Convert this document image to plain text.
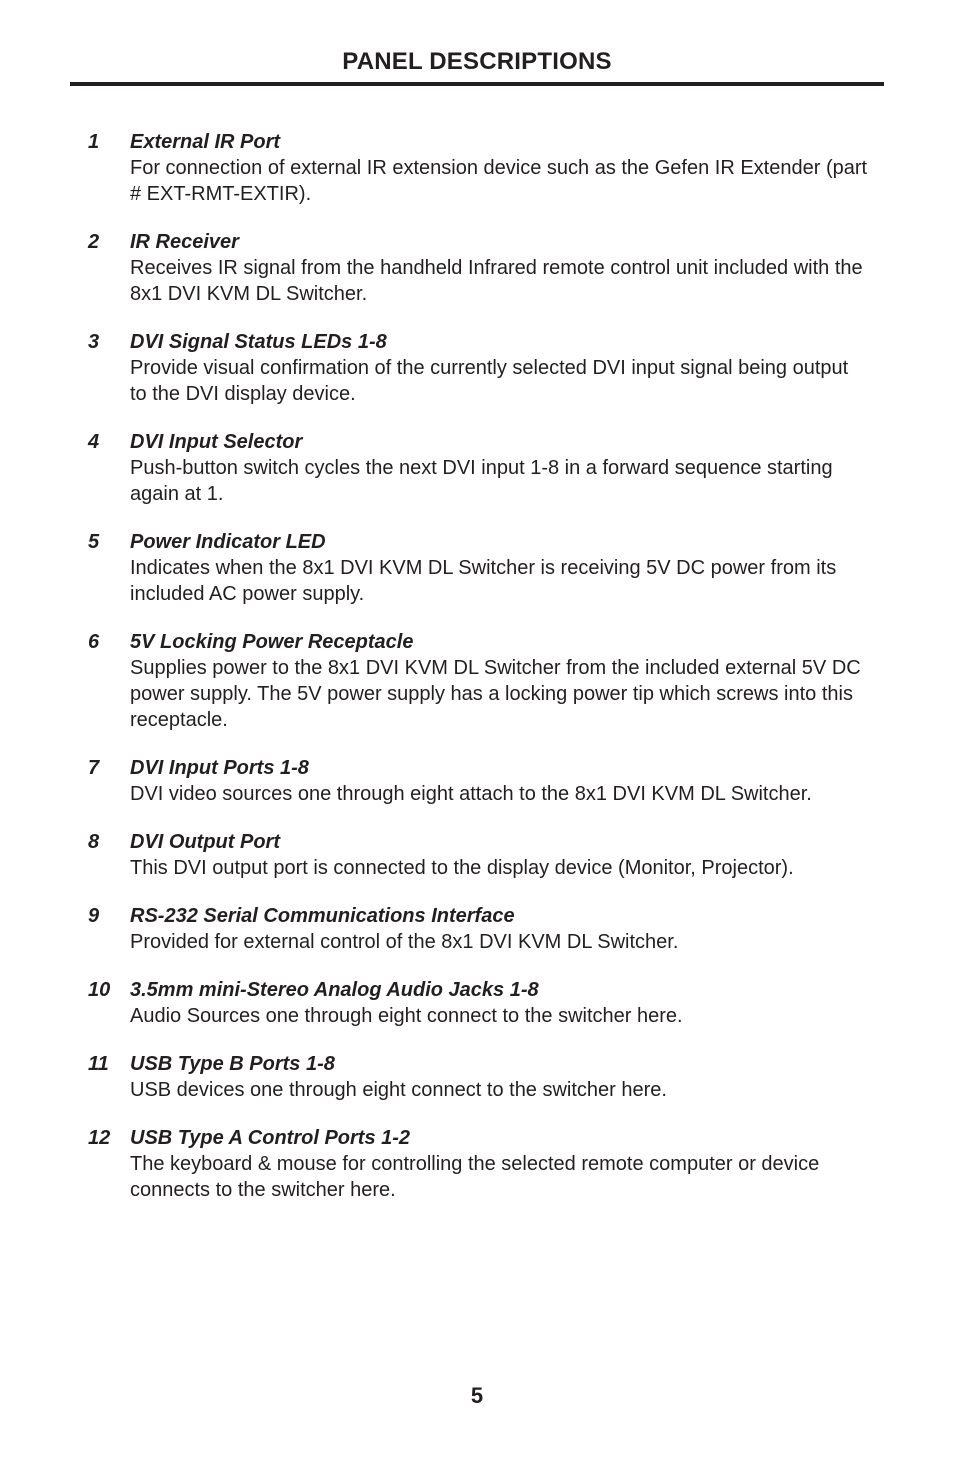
PANEL DESCRIPTIONS
1 External IR Port
For connection of external IR extension device such as the Gefen IR Extender (part # EXT-RMT-EXTIR).
2 IR Receiver
Receives IR signal from the handheld Infrared remote control unit included with the 8x1 DVI KVM DL Switcher.
3 DVI Signal Status LEDs 1-8
Provide visual confirmation of the currently selected DVI input signal being output to the DVI display device.
4 DVI Input Selector
Push-button switch cycles the next DVI input 1-8 in a forward sequence starting again at 1.
5 Power Indicator LED
Indicates when the 8x1 DVI KVM DL Switcher is receiving 5V DC power from its included AC power supply.
6 5V Locking Power Receptacle
Supplies power to the 8x1 DVI KVM DL Switcher from the included external 5V DC power supply. The 5V power supply has a locking power tip which screws into this receptacle.
7 DVI Input Ports 1-8
DVI video sources one through eight attach to the 8x1 DVI KVM DL Switcher.
8 DVI Output Port
This DVI output port is connected to the display device (Monitor, Projector).
9 RS-232 Serial Communications Interface
Provided for external control of the 8x1 DVI KVM DL Switcher.
10 3.5mm mini-Stereo Analog Audio Jacks 1-8
Audio Sources one through eight connect to the switcher here.
11 USB Type B Ports 1-8
USB devices one through eight connect to the switcher here.
12 USB Type A Control Ports 1-2
The keyboard & mouse for controlling the selected remote computer or device connects to the switcher here.
5
